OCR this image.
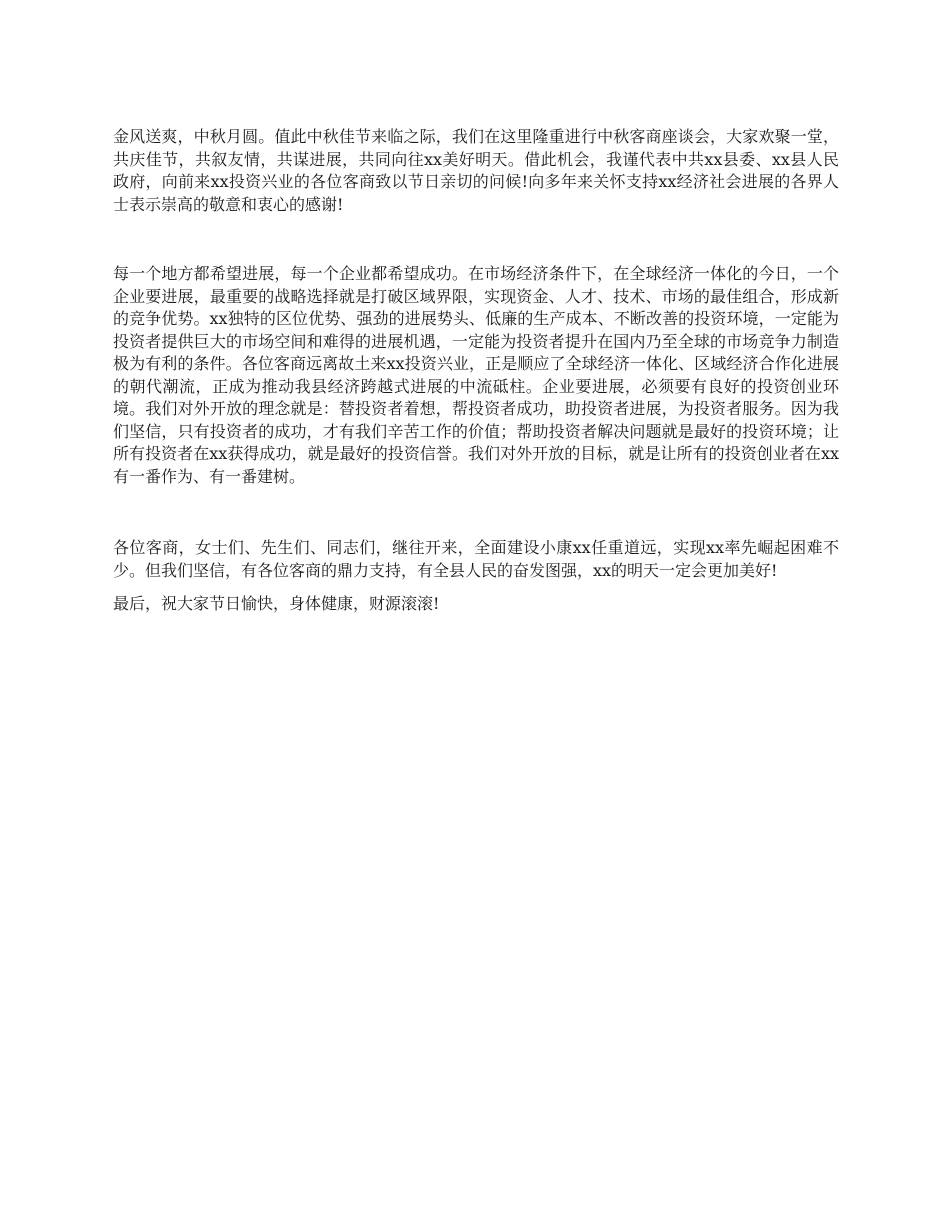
金风送爽，中秋月圆。值此中秋佳节来临之际，我们在这里隆重进行中秋客商座谈会，大家欢聚一堂，共庆佳节，共叙友情，共谋进展，共同向往xx美好明天。借此机会，我谨代表中共xx县委、xx县人民政府，向前来xx投资兴业的各位客商致以节日亲切的问候!向多年来关怀支持xx经济社会进展的各界人士表示崇高的敬意和衷心的感谢!

每一个地方都希望进展，每一个企业都希望成功。在市场经济条件下，在全球经济一体化的今日，一个企业要进展，最重要的战略选择就是打破区域界限，实现资金、人才、技术、市场的最佳组合，形成新的竞争优势。xx独特的区位优势、强劲的进展势头、低廉的生产成本、不断改善的投资环境，一定能为投资者提供巨大的市场空间和难得的进展机遇，一定能为投资者提升在国内乃至全球的市场竞争力制造极为有利的条件。各位客商远离故土来xx投资兴业，正是顺应了全球经济一体化、区域经济合作化进展的朝代潮流，正成为推动我县经济跨越式进展的中流砥柱。企业要进展，必须要有良好的投资创业环境。我们对外开放的理念就是：替投资者着想，帮投资者成功，助投资者进展，为投资者服务。因为我们坚信，只有投资者的成功，才有我们辛苦工作的价值；帮助投资者解决问题就是最好的投资环境；让所有投资者在xx获得成功，就是最好的投资信誉。我们对外开放的目标，就是让所有的投资创业者在xx有一番作为、有一番建树。

各位客商，女士们、先生们、同志们，继往开来，全面建设小康xx任重道远，实现xx率先崛起困难不少。但我们坚信，有各位客商的鼎力支持，有全县人民的奋发图强，xx的明天一定会更加美好!

最后，祝大家节日愉快，身体健康，财源滚滚!
